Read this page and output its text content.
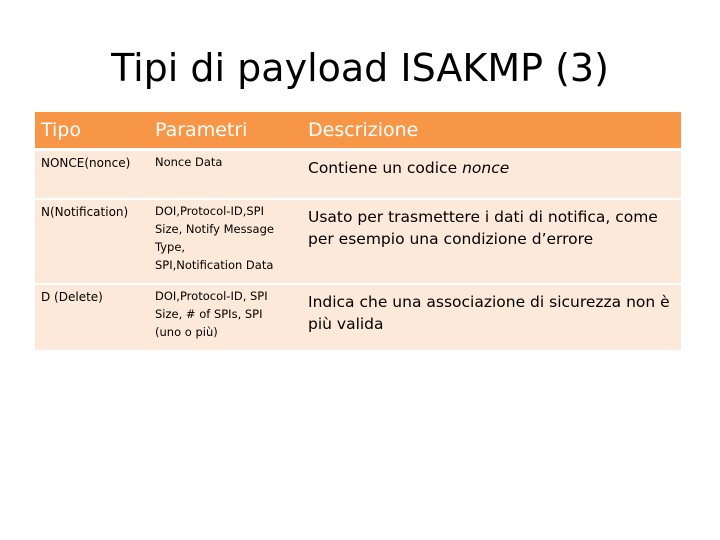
Tipi di payload ISAKMP (3)
Tipo	Parametri	Descrizione
NONCE(nonce)	Nonce Data	Contiene un codice nonce
N(Notification)	DOI,Protocol-ID,SPI
Size, Notify Message
Type,
SPI,Notification Data	Usato per trasmettere i dati di notifica, come per esempio una condizione d’errore
D (Delete)	DOI,Protocol-ID, SPI
Size, # of SPIs, SPI
(uno o più)	Indica che una associazione di sicurezza non è più valida
